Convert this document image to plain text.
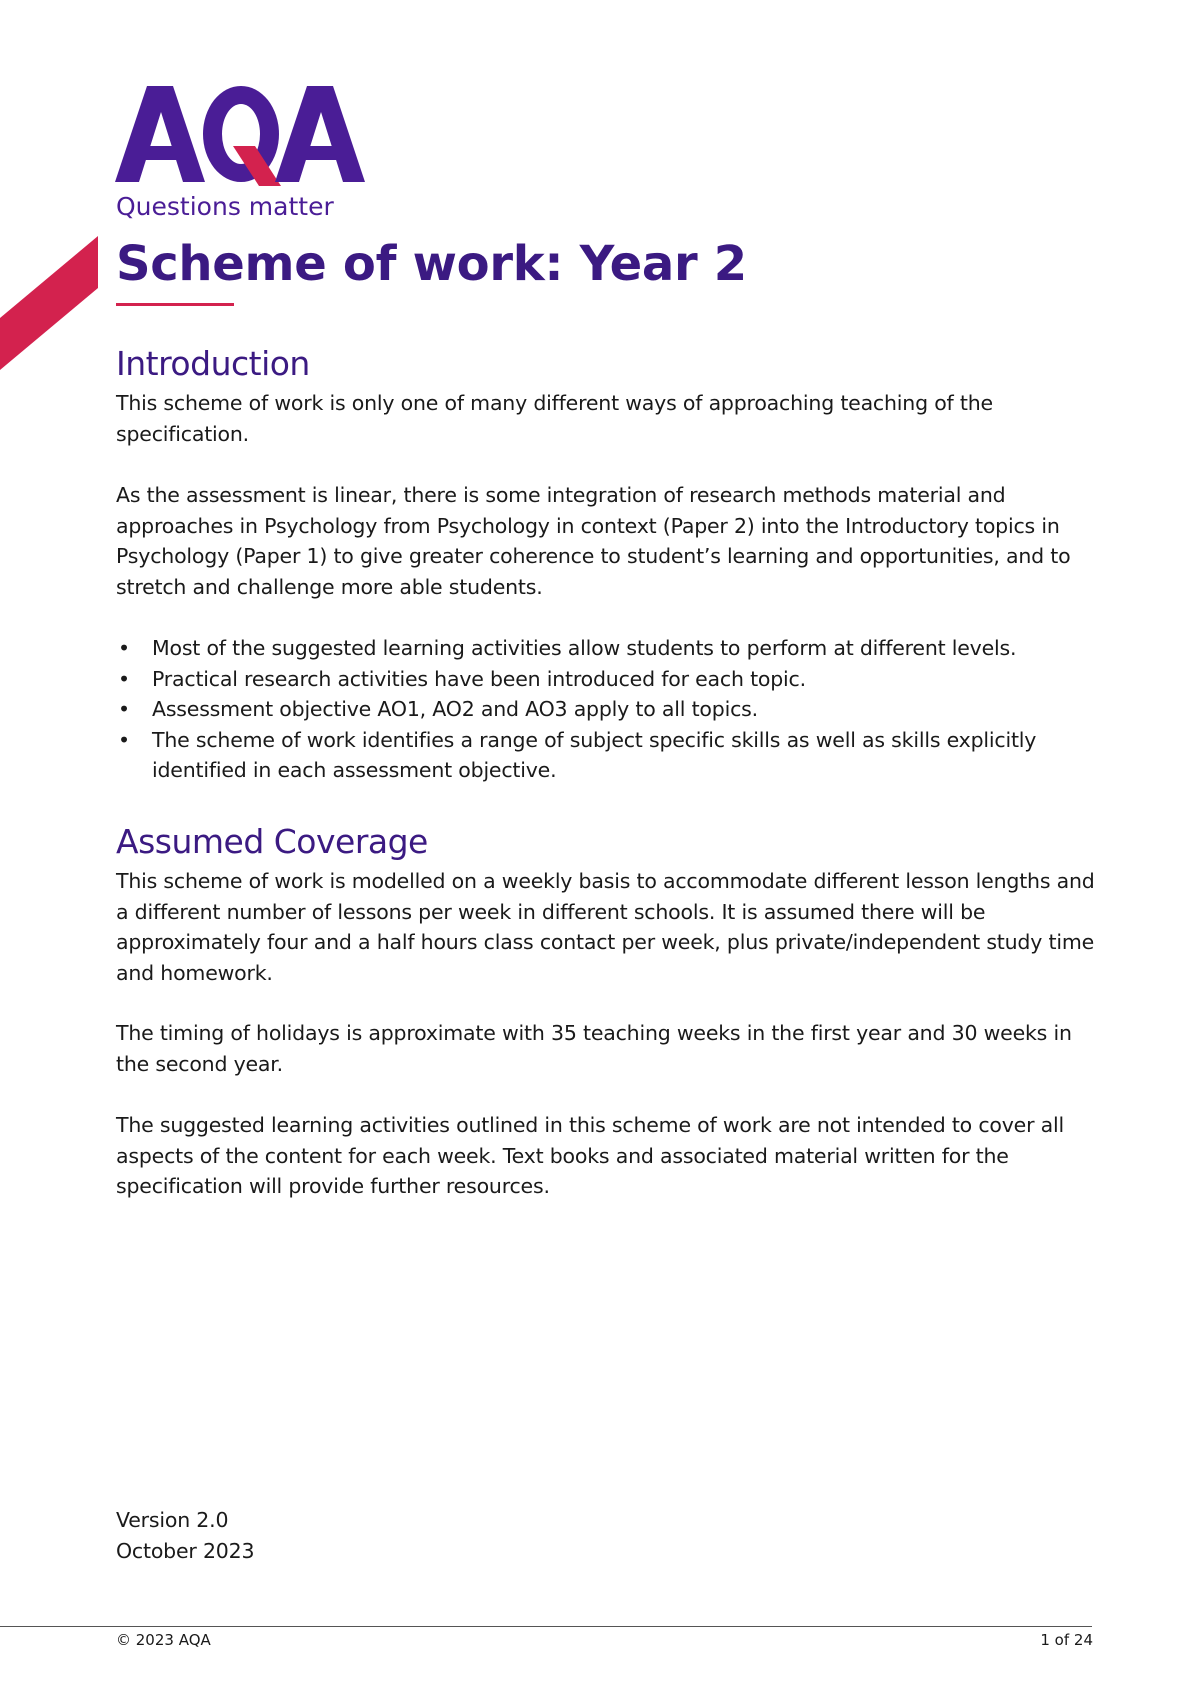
Questions matter
Scheme of work: Year 2
Introduction

This scheme of work is only one of many different ways of approaching teaching of the specification.

As the assessment is linear, there is some integration of research methods material and approaches in Psychology from Psychology in context (Paper 2) into the Introductory topics in Psychology (Paper 1) to give greater coherence to student’s learning and opportunities, and to stretch and challenge more able students.

• Most of the suggested learning activities allow students to perform at different levels.
• Practical research activities have been introduced for each topic.
• Assessment objective AO1, AO2 and AO3 apply to all topics.
• The scheme of work identifies a range of subject specific skills as well as skills explicitly identified in each assessment objective.
Assumed Coverage

This scheme of work is modelled on a weekly basis to accommodate different lesson lengths and a different number of lessons per week in different schools. It is assumed there will be approximately four and a half hours class contact per week, plus private/independent study time and homework.

The timing of holidays is approximate with 35 teaching weeks in the first year and 30 weeks in the second year.

The suggested learning activities outlined in this scheme of work are not intended to cover all aspects of the content for each week. Text books and associated material written for the specification will provide further resources.

Version 2.0
October 2023
© 2023 AQA	1 of 24
